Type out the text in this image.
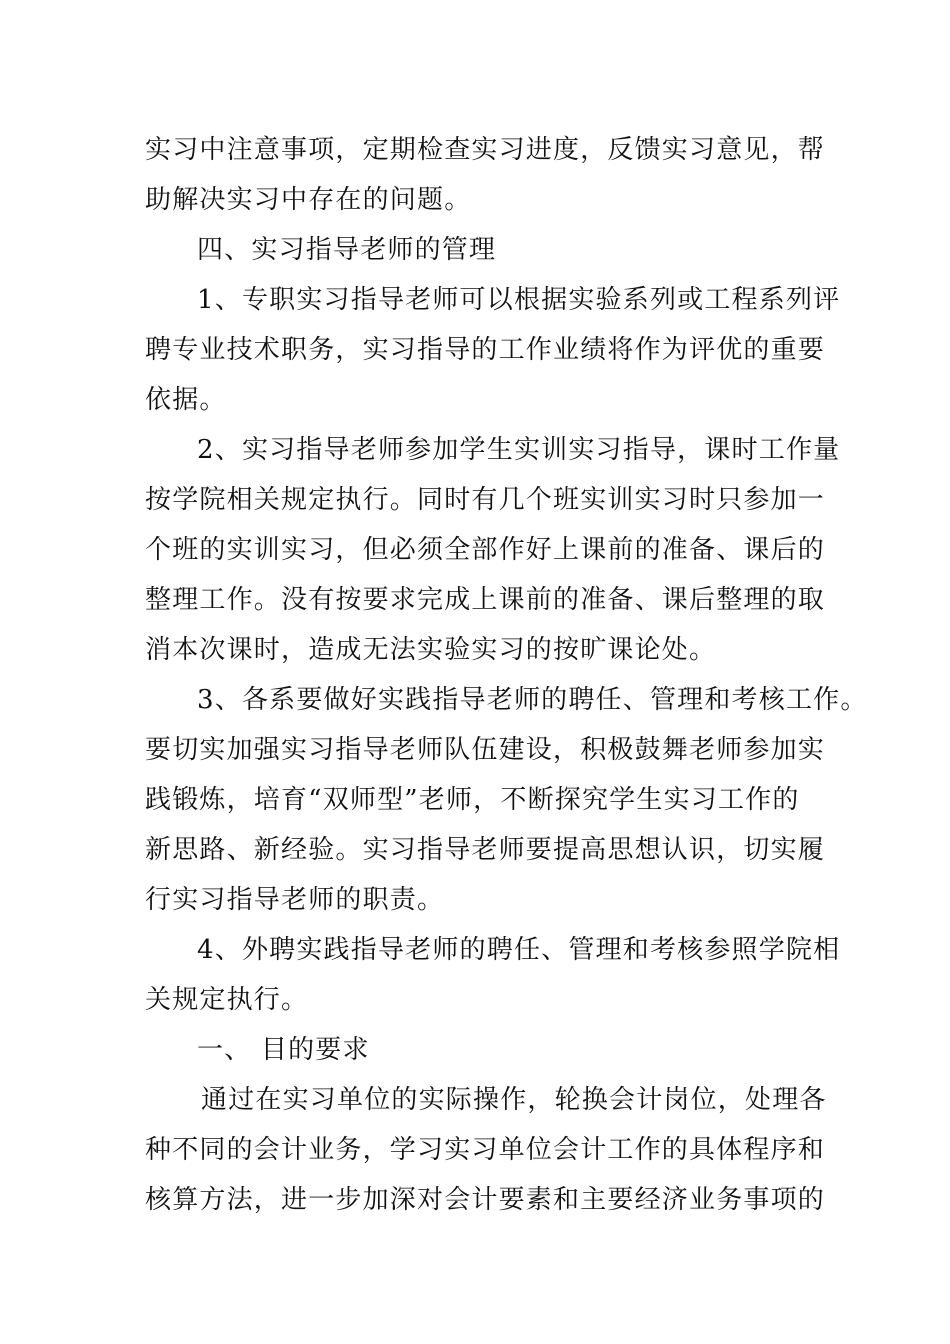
实习中注意事项，定期检查实习进度，反馈实习意见，帮
助解决实习中存在的问题。
四、实习指导老师的管理
1、专职实习指导老师可以根据实验系列或工程系列评
聘专业技术职务，实习指导的工作业绩将作为评优的重要
依据。
2、实习指导老师参加学生实训实习指导，课时工作量
按学院相关规定执行。同时有几个班实训实习时只参加一
个班的实训实习，但必须全部作好上课前的准备、课后的
整理工作。没有按要求完成上课前的准备、课后整理的取
消本次课时，造成无法实验实习的按旷课论处。
3、各系要做好实践指导老师的聘任、管理和考核工作。
要切实加强实习指导老师队伍建设，积极鼓舞老师参加实
践锻炼，培育“双师型”老师，不断探究学生实习工作的
新思路、新经验。实习指导老师要提高思想认识，切实履
行实习指导老师的职责。
4、外聘实践指导老师的聘任、管理和考核参照学院相
关规定执行。
一、 目的要求
通过在实习单位的实际操作，轮换会计岗位，处理各
种不同的会计业务，学习实习单位会计工作的具体程序和
核算方法，进一步加深对会计要素和主要经济业务事项的
